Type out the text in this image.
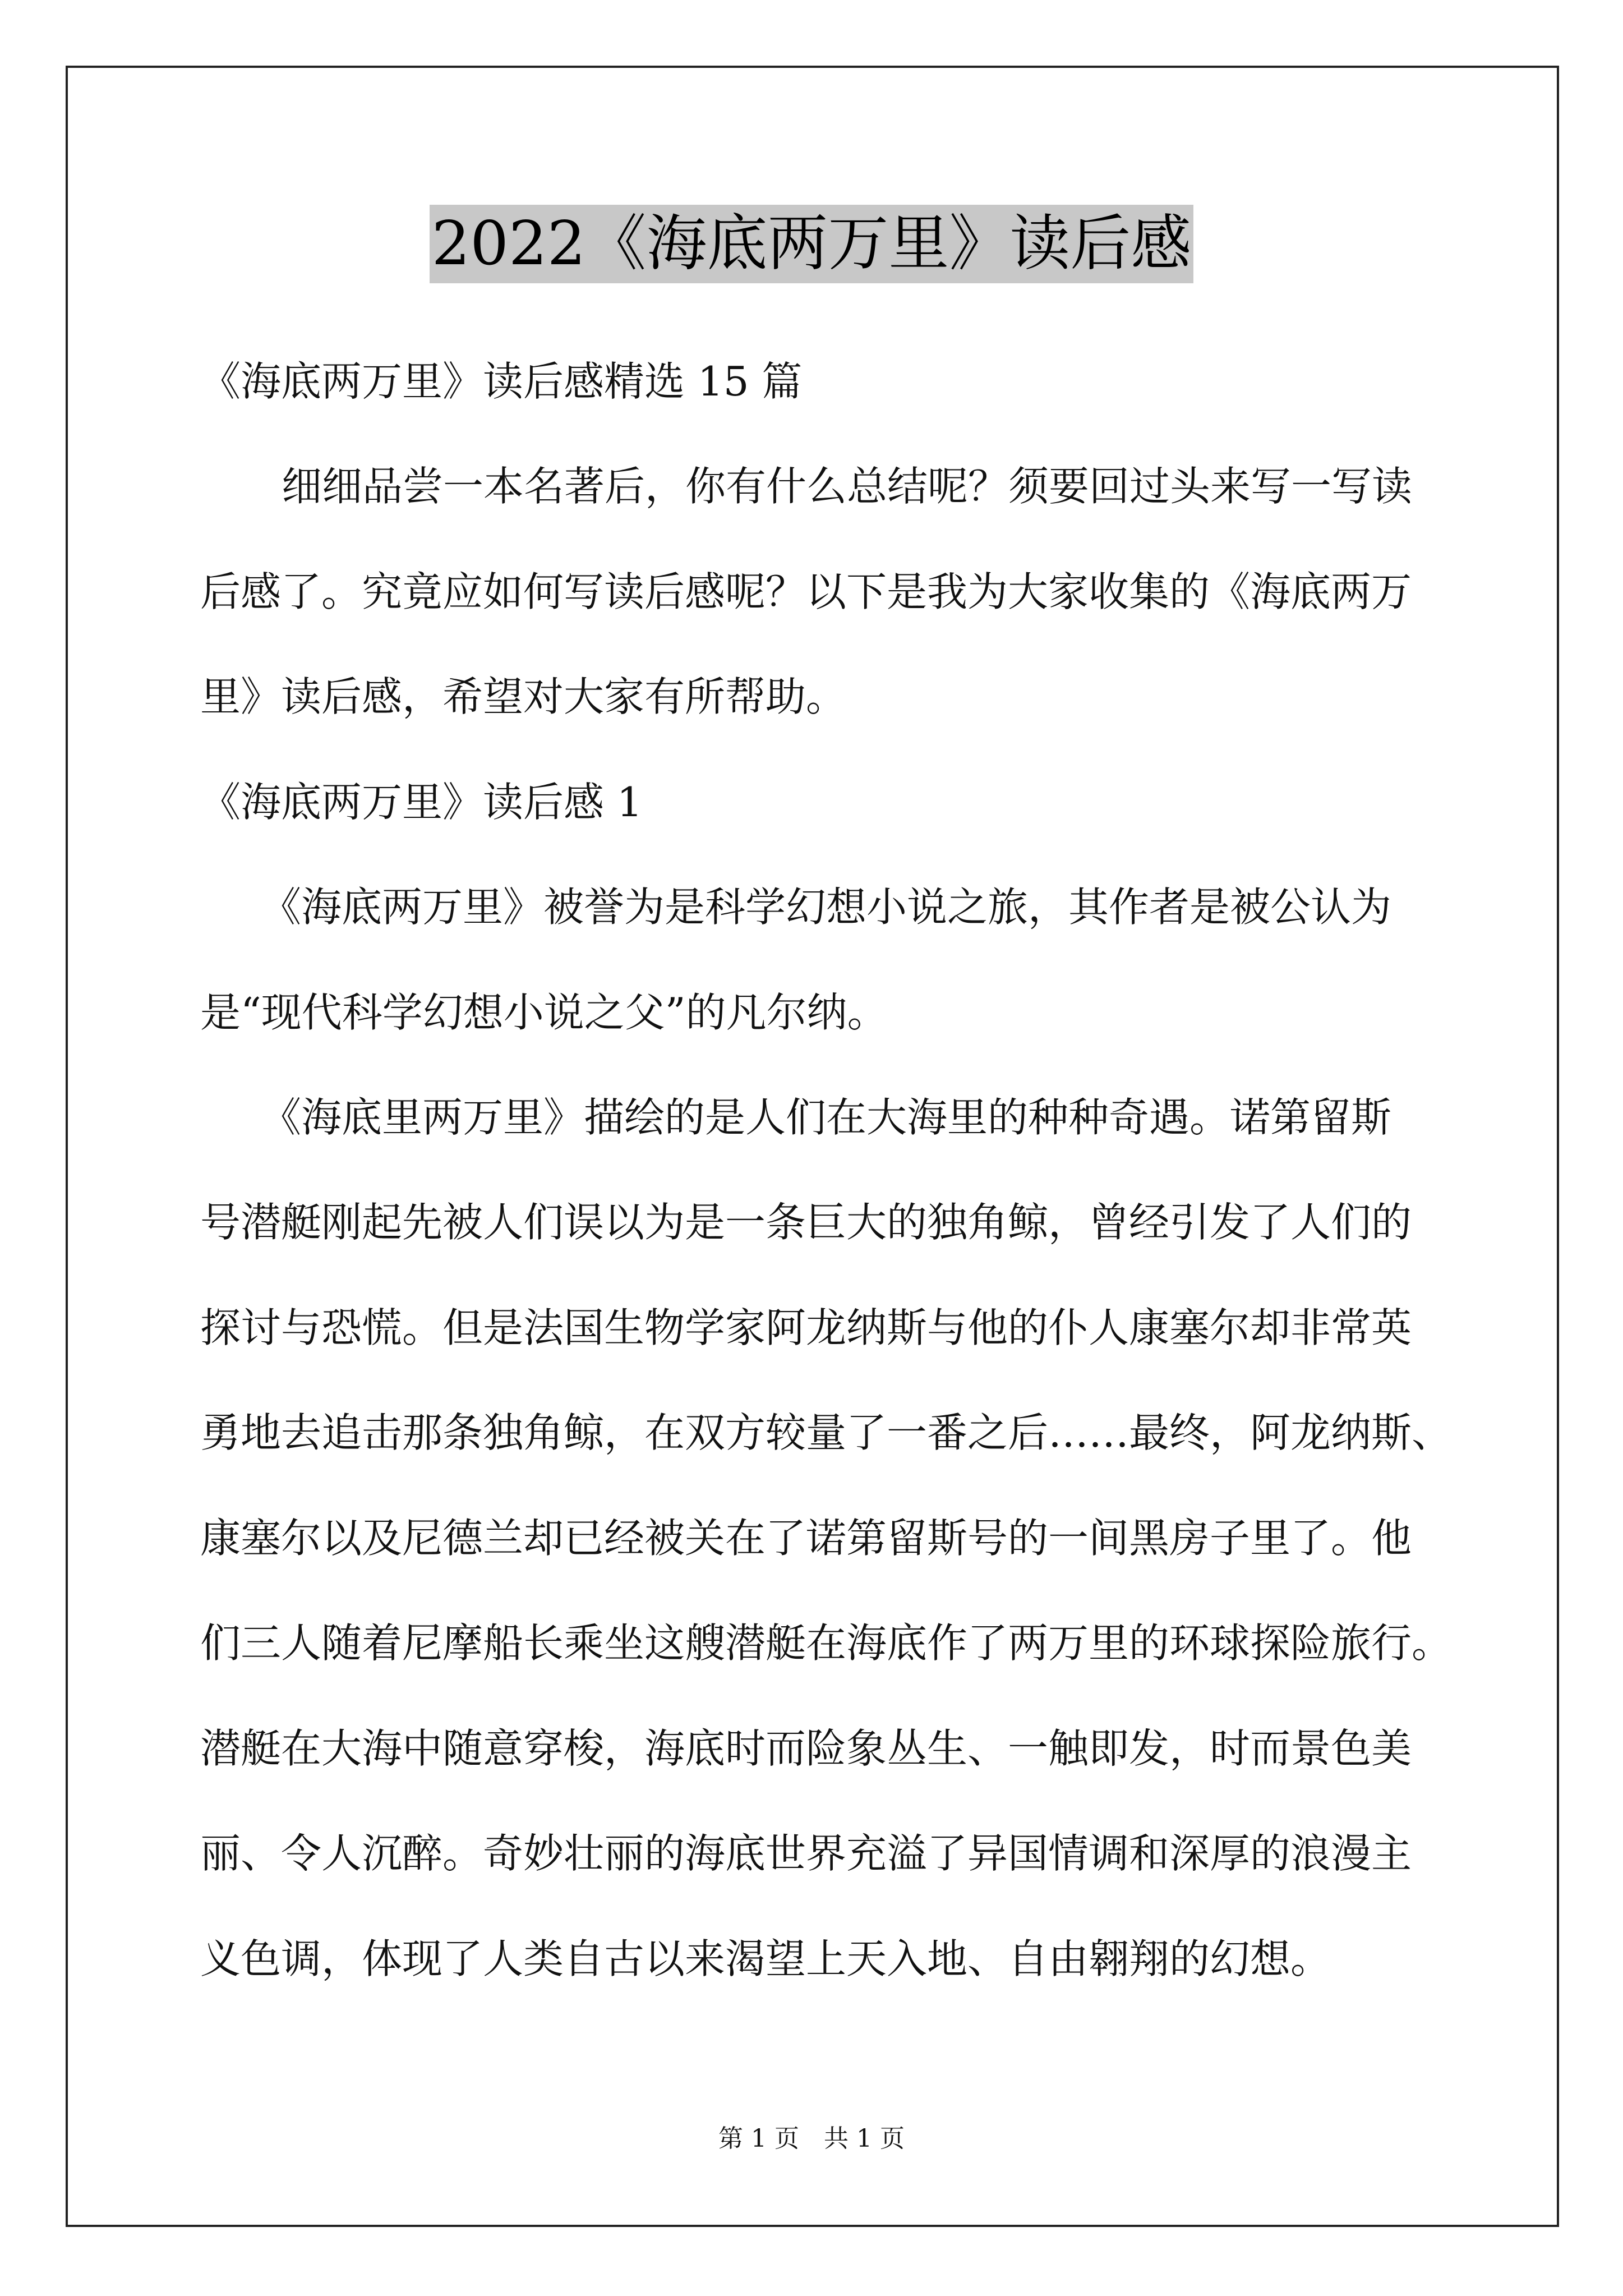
2022《海底两万里》读后感
《海底两万里》读后感精选 15 篇
细细品尝一本名著后，你有什么总结呢？须要回过头来写一写读
后感了。究竟应如何写读后感呢？以下是我为大家收集的《海底两万
里》读后感，希望对大家有所帮助。
《海底两万里》读后感 1
《海底两万里》被誉为是科学幻想小说之旅，其作者是被公认为
是“现代科学幻想小说之父”的凡尔纳。
《海底里两万里》描绘的是人们在大海里的种种奇遇。诺第留斯
号潜艇刚起先被人们误以为是一条巨大的独角鲸，曾经引发了人们的
探讨与恐慌。但是法国生物学家阿龙纳斯与他的仆人康塞尔却非常英
勇地去追击那条独角鲸，在双方较量了一番之后……最终，阿龙纳斯、
康塞尔以及尼德兰却已经被关在了诺第留斯号的一间黑房子里了。他
们三人随着尼摩船长乘坐这艘潜艇在海底作了两万里的环球探险旅行。
潜艇在大海中随意穿梭，海底时而险象丛生、一触即发，时而景色美
丽、令人沉醉。奇妙壮丽的海底世界充溢了异国情调和深厚的浪漫主
义色调，体现了人类自古以来渴望上天入地、自由翱翔的幻想。
第 1 页　共 1 页
